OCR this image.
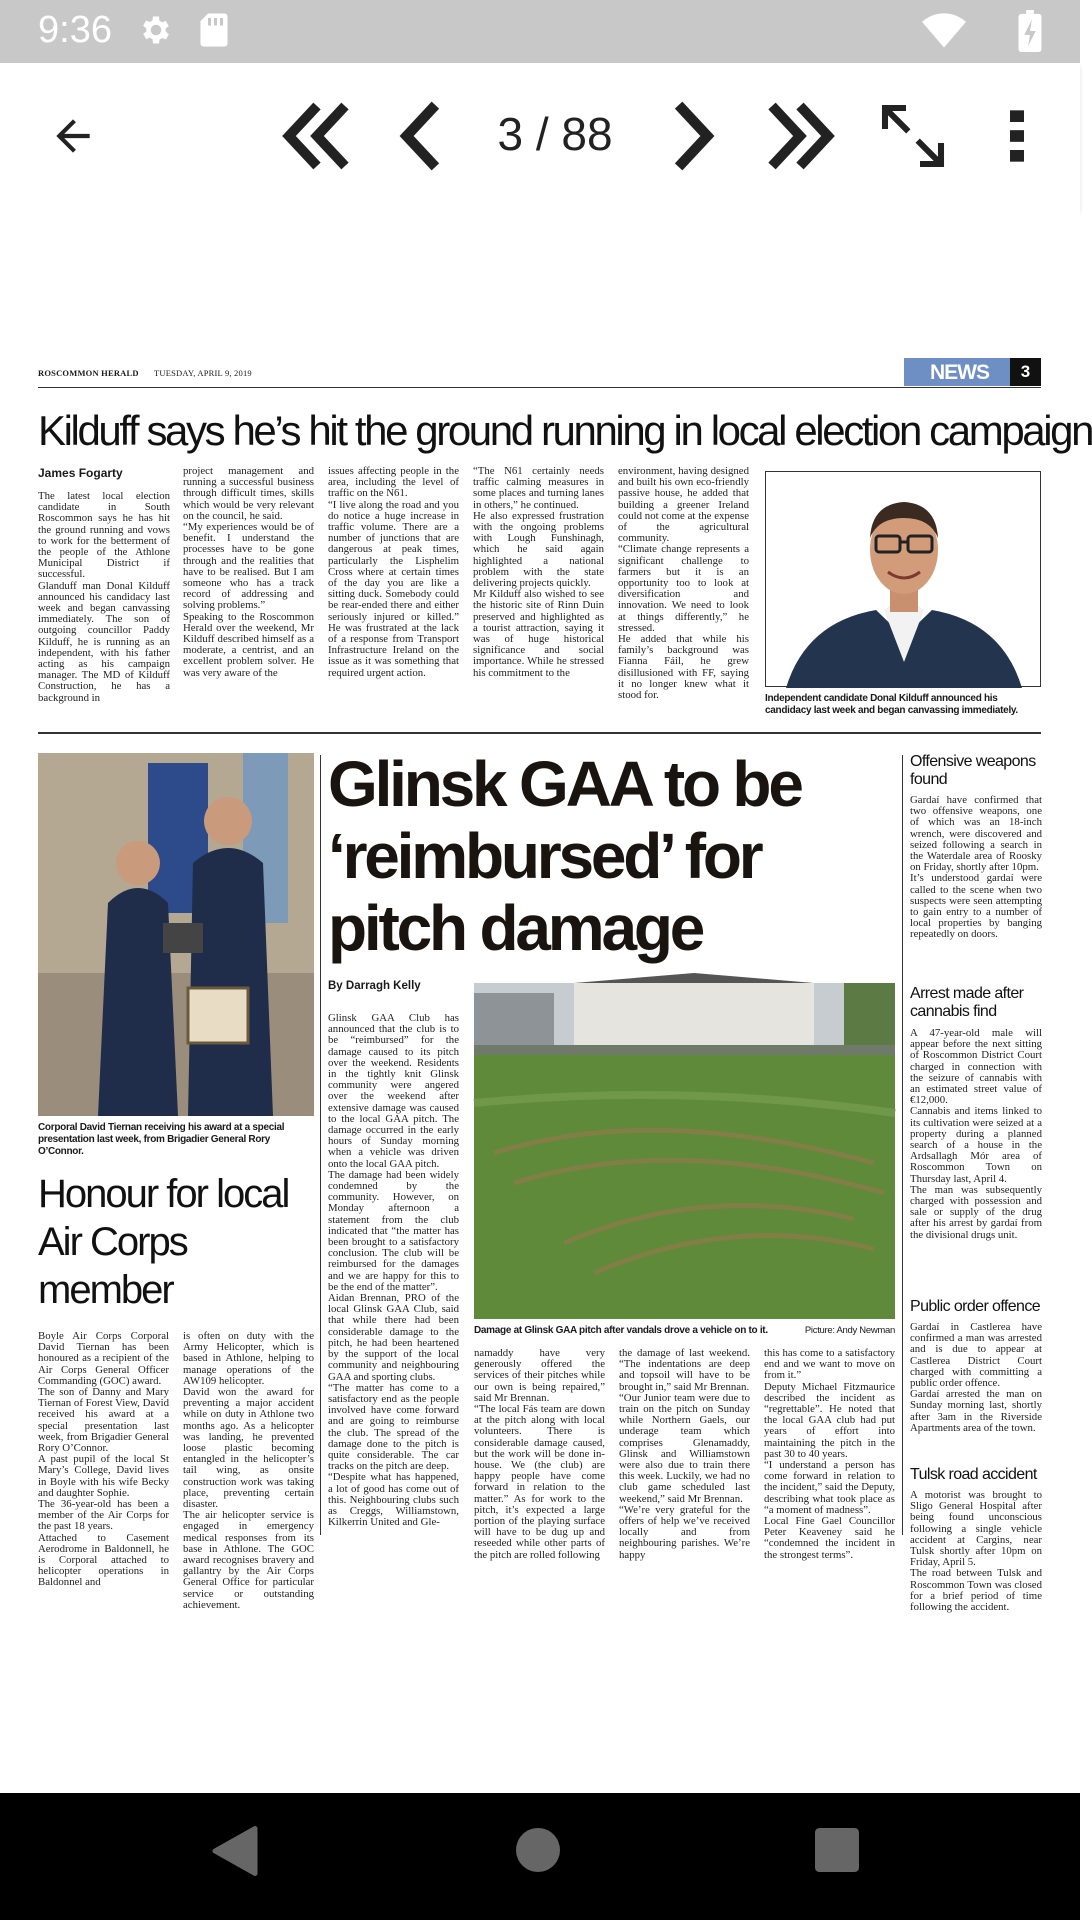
9:36
3 / 88
ROSCOMMON HERALD TUESDAY, APRIL 9, 2019	NEWS	3
Kilduff says he’s hit the ground running in local election campaign
James Fogarty
The latest local election candidate in South Roscommon says he has hit the ground running and vows to work for the betterment of the people of the Athlone Municipal District if successful.
Glanduff man Donal Kilduff announced his candidacy last week and began canvassing immediately. The son of outgoing councillor Paddy Kilduff, he is running as an independent, with his father acting as his campaign manager. The MD of Kilduff Construction, he has a background in
project management and running a successful business through difficult times, skills which would be very relevant on the council, he said.
“My experiences would be of benefit. I understand the processes have to be gone through and the realities that have to be realised. But I am someone who has a track record of addressing and solving problems.”
Speaking to the Roscommon Herald over the weekend, Mr Kilduff described himself as a moderate, a centrist, and an excellent problem solver. He was very aware of the
issues affecting people in the area, including the level of traffic on the N61.
“I live along the road and you do notice a huge increase in traffic volume. There are a number of junctions that are dangerous at peak times, particularly the Lisphelim Cross where at certain times of the day you are like a sitting duck. Somebody could be rear-ended there and either seriously injured or killed.” He was frustrated at the lack of a response from Transport Infrastructure Ireland on the issue as it was something that required urgent action.
“The N61 certainly needs traffic calming measures in some places and turning lanes in others,” he continued.
He also expressed frustration with the ongoing problems with Lough Funshinagh, which he said again highlighted a national problem with the state delivering projects quickly.
Mr Kilduff also wished to see the historic site of Rinn Duin preserved and highlighted as a tourist attraction, saying it was of huge historical significance and social importance. While he stressed his commitment to the
environment, having designed and built his own eco-friendly passive house, he added that building a greener Ireland could not come at the expense of the agricultural community.
“Climate change represents a significant challenge to farmers but it is an opportunity too to look at diversification and innovation. We need to look at things differently,” he stressed.
He added that while his family’s background was Fianna Fáil, he grew disillusioned with FF, saying it no longer knew what it stood for.	Independent candidate Donal Kilduff announced his candidacy last week and began canvassing immediately.
Corporal David Tiernan receiving his award at a special presentation last week, from Brigadier General Rory O’Connor.
Honour for local Air Corps member
Boyle Air Corps Corporal David Tiernan has been honoured as a recipient of the Air Corps General Officer Commanding (GOC) award.
The son of Danny and Mary Tiernan of Forest View, David received his award at a special presentation last week, from Brigadier General Rory O’Connor.
A past pupil of the local St Mary’s College, David lives in Boyle with his wife Becky and daughter Sophie.
The 36-year-old has been a member of the Air Corps for the past 18 years.
Attached to Casement Aerodrome in Baldonnell, he is Corporal attached to helicopter operations in Baldonnel and
is often on duty with the Army Helicopter, which is based in Athlone, helping to manage operations of the AW109 helicopter.
David won the award for preventing a major accident while on duty in Athlone two months ago. As a helicopter was landing, he prevented loose plastic becoming entangled in the helicopter’s tail wing, as onsite construction work was taking place, preventing certain disaster.
The air helicopter service is engaged in emergency medical responses from its base in Athlone. The GOC award recognises bravery and gallantry by the Air Corps General Office for particular service or outstanding achievement.
Glinsk GAA to be ‘reimbursed’ for pitch damage
By Darragh Kelly
Glinsk GAA Club has announced that the club is to be “reimbursed” for the damage caused to its pitch over the weekend. Residents in the tightly knit Glinsk community were angered over the weekend after extensive damage was caused to the local GAA pitch. The damage occurred in the early hours of Sunday morning when a vehicle was driven onto the local GAA pitch.
The damage had been widely condemned by the community. However, on Monday afternoon a statement from the club indicated that “the matter has been brought to a satisfactory conclusion. The club will be reimbursed for the damages and we are happy for this to be the end of the matter”.
Aidan Brennan, PRO of the local Glinsk GAA Club, said that while there had been considerable damage to the pitch, he had been heartened by the support of the local community and neighbouring GAA and sporting clubs.
“The matter has come to a satisfactory end as the people involved have come forward and are going to reimburse the club. The spread of the damage done to the pitch is quite considerable. The car tracks on the pitch are deep.
“Despite what has happened, a lot of good has come out of this. Neighbouring clubs such as Creggs, Williamstown, Kilkerrin United and Gle-
Damage at Glinsk GAA pitch after vandals drove a vehicle on to it.	Picture: Andy Newman
namaddy have very generously offered the services of their pitches while our own is being repaired,” said Mr Brennan.
“The local Fás team are down at the pitch along with local volunteers. There is considerable damage caused, but the work will be done in-house. We (the club) are happy people have come forward in relation to the matter.” As for work to the pitch, it’s expected a large portion of the playing surface will have to be dug up and reseeded while other parts of the pitch are rolled following
the damage of last weekend. “The indentations are deep and topsoil will have to be brought in,” said Mr Brennan.
“Our Junior team were due to train on the pitch on Sunday while Northern Gaels, our underage team which comprises Glenamaddy, Glinsk and Williamstown were also due to train there this week. Luckily, we had no club game scheduled last weekend,” said Mr Brennan.
“We’re very grateful for the offers of help we’ve received locally and from neighbouring parishes. We’re happy
this has come to a satisfactory end and we want to move on from it.”
Deputy Michael Fitzmaurice described the incident as “regrettable”. He noted that the local GAA club had put years of effort into maintaining the pitch in the past 30 to 40 years.
“I understand a person has come forward in relation to the incident,” said the Deputy, describing what took place as “a moment of madness”.
Local Fine Gael Councillor Peter Keaveney said he “condemned the incident in the strongest terms”.
Offensive weapons found
Gardaí have confirmed that two offensive weapons, one of which was an 18-inch wrench, were discovered and seized following a search in the Waterdale area of Roosky on Friday, shortly after 10pm.
It’s understood gardaí were called to the scene when two suspects were seen attempting to gain entry to a number of local properties by banging repeatedly on doors.
Arrest made after cannabis find
A 47-year-old male will appear before the next sitting of Roscommon District Court charged in connection with the seizure of cannabis with an estimated street value of €12,000.
Cannabis and items linked to its cultivation were seized at a property during a planned search of a house in the Ardsallagh Mór area of Roscommon Town on Thursday last, April 4.
The man was subsequently charged with possession and sale or supply of the drug after his arrest by gardaí from the divisional drugs unit.
Public order offence
Gardaí in Castlerea have confirmed a man was arrested and is due to appear at Castlerea District Court charged with committing a public order offence.
Gardaí arrested the man on Sunday morning last, shortly after 3am in the Riverside Apartments area of the town.
Tulsk road accident
A motorist was brought to Sligo General Hospital after being found unconscious following a single vehicle accident at Cargins, near Tulsk shortly after 10pm on Friday, April 5.
The road between Tulsk and Roscommon Town was closed for a brief period of time following the accident.
